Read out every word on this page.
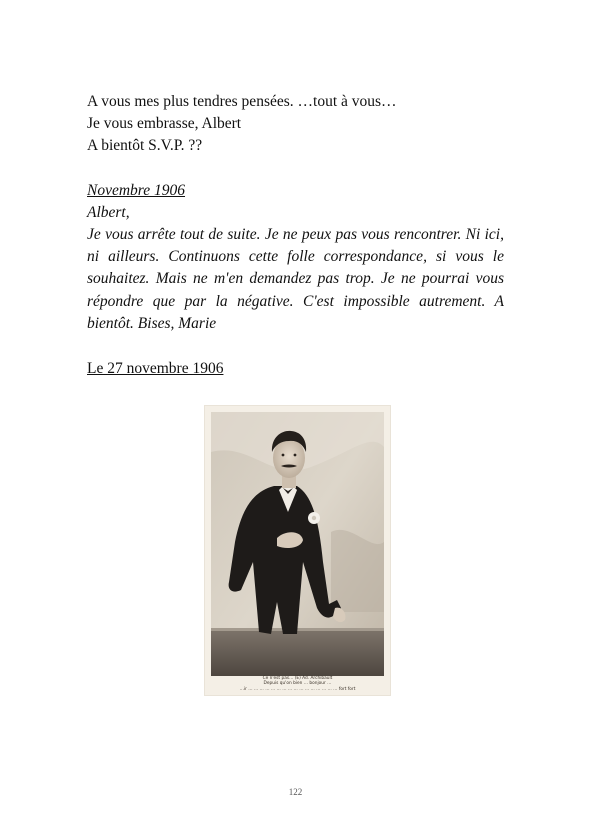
A vous mes plus tendres pensées. …tout à vous…
Je vous embrasse, Albert
A bientôt S.V.P. ??
Novembre 1906
Albert,
Je vous arrête tout de suite. Je ne peux pas vous rencontrer. Ni ici, ni ailleurs. Continuons cette folle correspondance, si vous le souhaitez. Mais ne m'en demandez pas trop. Je ne pourrai vous répondre que par la négative. C'est impossible autrement. A bientôt. Bises, Marie
Le 27 novembre 1906
Ce n'est pas… (E) Ad. Archibault
Depuis qu'on bien … bonjour …
…ir … … … … … … … … … … … … … … … … fort fort
122
